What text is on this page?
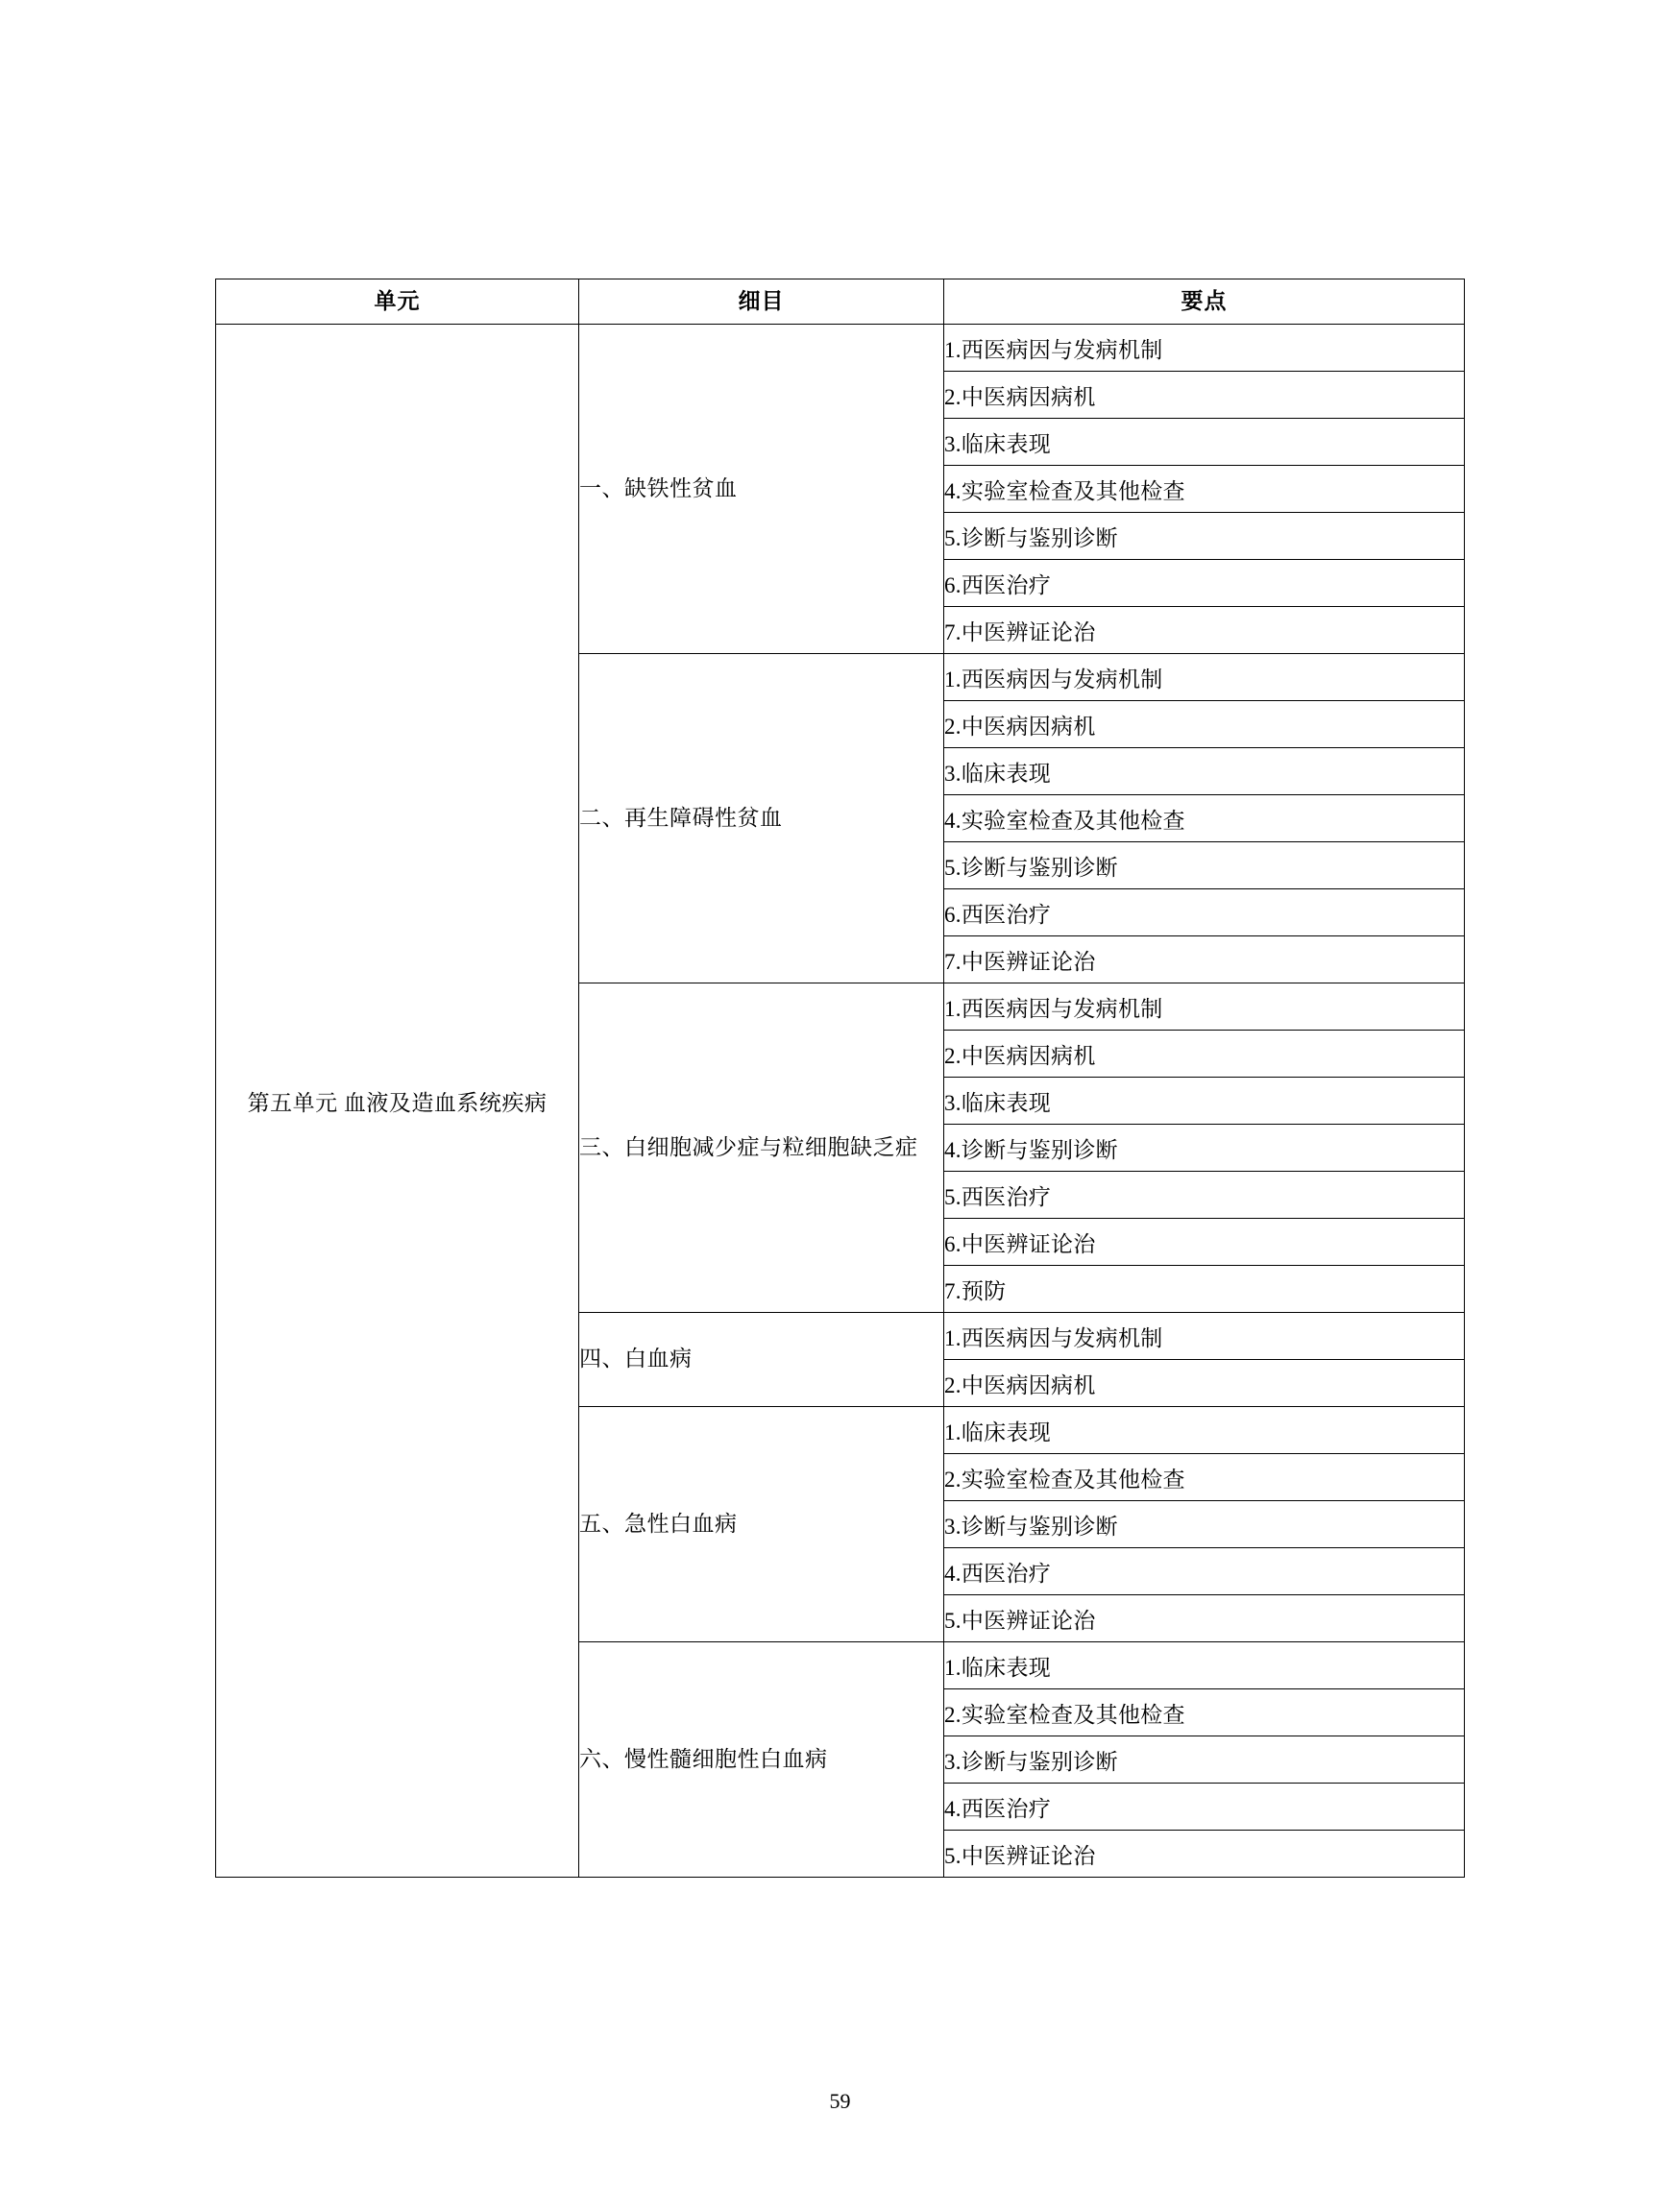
单元	细目	要点
第五单元 血液及造血系统疾病	一、缺铁性贫血	1.西医病因与发病机制
		2.中医病因病机
		3.临床表现
		4.实验室检查及其他检查
		5.诊断与鉴别诊断
		6.西医治疗
		7.中医辨证论治
	二、再生障碍性贫血	1.西医病因与发病机制
		2.中医病因病机
		3.临床表现
		4.实验室检查及其他检查
		5.诊断与鉴别诊断
		6.西医治疗
		7.中医辨证论治
	三、白细胞减少症与粒细胞缺乏症	1.西医病因与发病机制
		2.中医病因病机
		3.临床表现
		4.诊断与鉴别诊断
		5.西医治疗
		6.中医辨证论治
		7.预防
	四、白血病	1.西医病因与发病机制
		2.中医病因病机
	五、急性白血病	1.临床表现
		2.实验室检查及其他检查
		3.诊断与鉴别诊断
		4.西医治疗
		5.中医辨证论治
	六、慢性髓细胞性白血病	1.临床表现
		2.实验室检查及其他检查
		3.诊断与鉴别诊断
		4.西医治疗
		5.中医辨证论治
59
